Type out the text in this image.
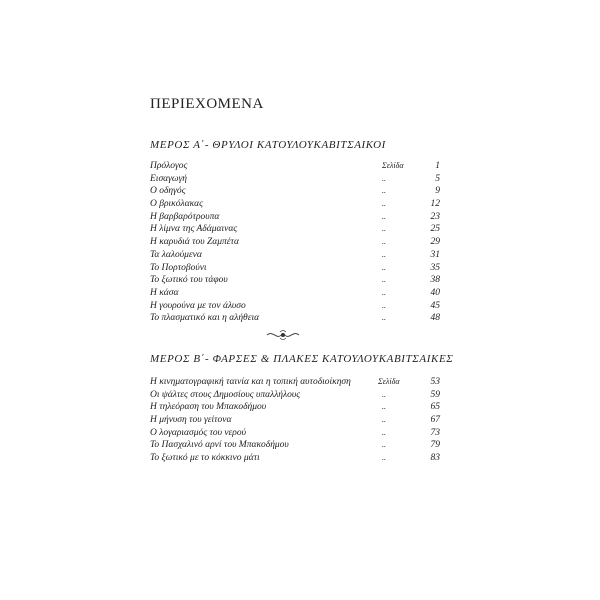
ΠΕΡΙΕΧΟΜΕΝΑ
ΜΕΡΟΣ Α΄- ΘΡΥΛΟΙ ΚΑΤΟΥΛΟΥΚΑΒΙΤΣΑΙΚΟΙ
Πρόλογος	Σελίδα	1
Εισαγωγή	..	5
Ο οδηγός	..	9
Ο βρικόλακας	..	12
Η βαρβαρότρουπα	..	23
Η λίμνα της Αδάμαινας	..	25
Η καρυδιά του Ζαμπέτα	..	29
Τα λαλούμενα	..	31
Το Πορτοβούνι	..	35
Το ξωτικό του τάφου	..	38
Η κάσα	..	40
Η γουρούνα με τον άλυσο	..	45
Το πλασματικό και η αλήθεια	..	48
ΜΕΡΟΣ Β΄- ΦΑΡΣΕΣ & ΠΛΑΚΕΣ ΚΑΤΟΥΛΟΥΚΑΒΙΤΣΑΙΚΕΣ
Η κινηματογραφική ταινία και η τοπική αυτοδιοίκηση	Σελίδα	53
Οι ψάλτες στους Δημοσίους υπαλλήλους	..	59
Η τηλεόραση του Μπακοδήμου	..	65
Η μήνυση του γείτονα	..	67
Ο λογαριασμός του νερού	..	73
Το Πασχαλινό αρνί του Μπακοδήμου	..	79
Το ξωτικό με το κόκκινο μάτι	..	83
